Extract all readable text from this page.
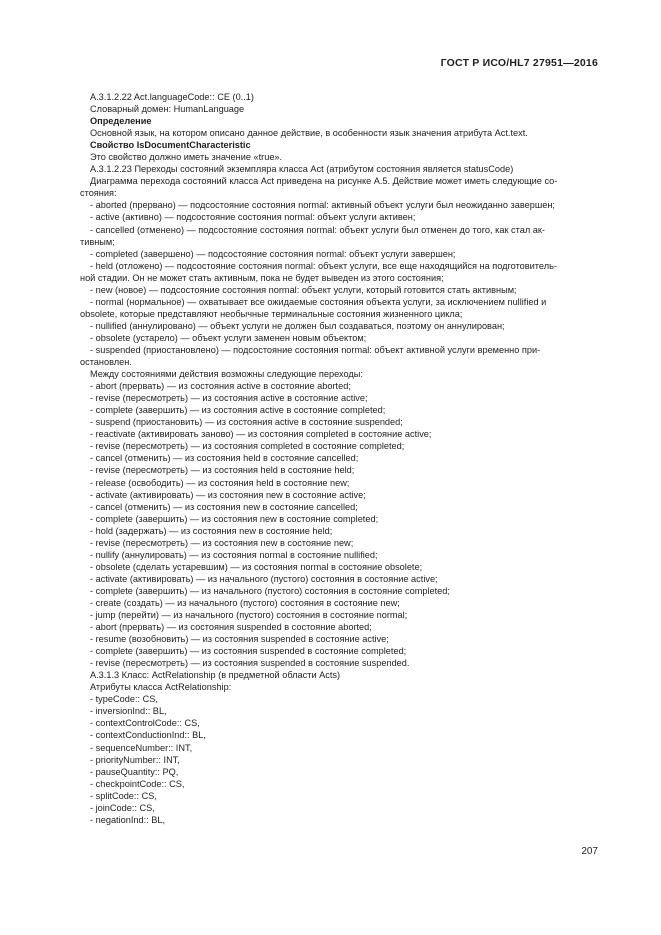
ГОСТ Р ИСО/HL7 27951—2016
A.3.1.2.22 Act.languageCode:: CE (0..1)
Словарный домен: HumanLanguage
Определение
Основной язык, на котором описано данное действие, в особенности язык значения атрибута Act.text.
Свойство IsDocumentCharacteristic
Это свойство должно иметь значение «true».
A.3.1.2.23 Переходы состояний экземпляра класса Act (атрибутом состояния является statusCode)
Диаграмма перехода состояний класса Act приведена на рисунке A.5. Действие может иметь следующие со-
стояния:
- aborted (прервано) — подсостояние состояния normal: активный объект услуги был неожиданно завершен;
- active (активно) — подсостояние состояния normal: объект услуги активен;
- cancelled (отменено) — подсостояние состояния normal: объект услуги был отменен до того, как стал ак-
тивным;
- completed (завершено) — подсостояние состояния normal: объект услуги завершен;
- held (отложено) — подсостояние состояния normal: объект услуги, все еще находящийся на подготовитель-
ной стадии. Он не может стать активным, пока не будет выведен из этого состояния;
- new (новое) — подсостояние состояния normal: объект услуги, который готовится стать активным;
- normal (нормальное) — охватывает все ожидаемые состояния объекта услуги, за исключением nullified и
obsolete, которые представляют необычные терминальные состояния жизненного цикла;
- nullified (аннулировано) — объект услуги не должен был создаваться, поэтому он аннулирован;
- obsolete (устарело) — объект услуги заменен новым объектом;
- suspended (приостановлено) — подсостояние состояния normal: объект активной услуги временно при-
остановлен.
Между состояниями действия возможны следующие переходы:
- abort (прервать) — из состояния active в состояние aborted;
- revise (пересмотреть) — из состояния active в состояние active;
- complete (завершить) — из состояния active в состояние completed;
- suspend (приостановить) — из состояния active в состояние suspended;
- reactivate (активировать заново) — из состояния completed в состояние active;
- revise (пересмотреть) — из состояния completed в состояние completed;
- cancel (отменить) — из состояния held в состояние cancelled;
- revise (пересмотреть) — из состояния held в состояние held;
- release (освободить) — из состояния held в состояние new;
- activate (активировать) — из состояния new в состояние active;
- cancel (отменить) — из состояния new в состояние cancelled;
- complete (завершить) — из состояния new в состояние completed;
- hold (задержать) — из состояния new в состояние held;
- revise (пересмотреть) — из состояния new в состояние new;
- nullify (аннулировать) — из состояния normal в состояние nullified;
- obsolete (сделать устаревшим) — из состояния normal в состояние obsolete;
- activate (активировать) — из начального (пустого) состояния в состояние active;
- complete (завершить) — из начального (пустого) состояния в состояние completed;
- create (создать) — из начального (пустого) состояния в состояние new;
- jump (перейти) — из начального (пустого) состояния в состояние normal;
- abort (прервать) — из состояния suspended в состояние aborted;
- resume (возобновить) — из состояния suspended в состояние active;
- complete (завершить) — из состояния suspended в состояние completed;
- revise (пересмотреть) — из состояния suspended в состояние suspended.
A.3.1.3 Класс: ActRelationship (в предметной области Acts)
Атрибуты класса ActRelationship:
- typeCode:: CS,
- inversionInd:: BL,
- contextControlCode:: CS,
- contextConductionInd:: BL,
- sequenceNumber:: INT,
- priorityNumber:: INT,
- pauseQuantity:: PQ,
- checkpointCode:: CS,
- splitCode:: CS,
- joinCode:: CS,
- negationInd:: BL,
207
